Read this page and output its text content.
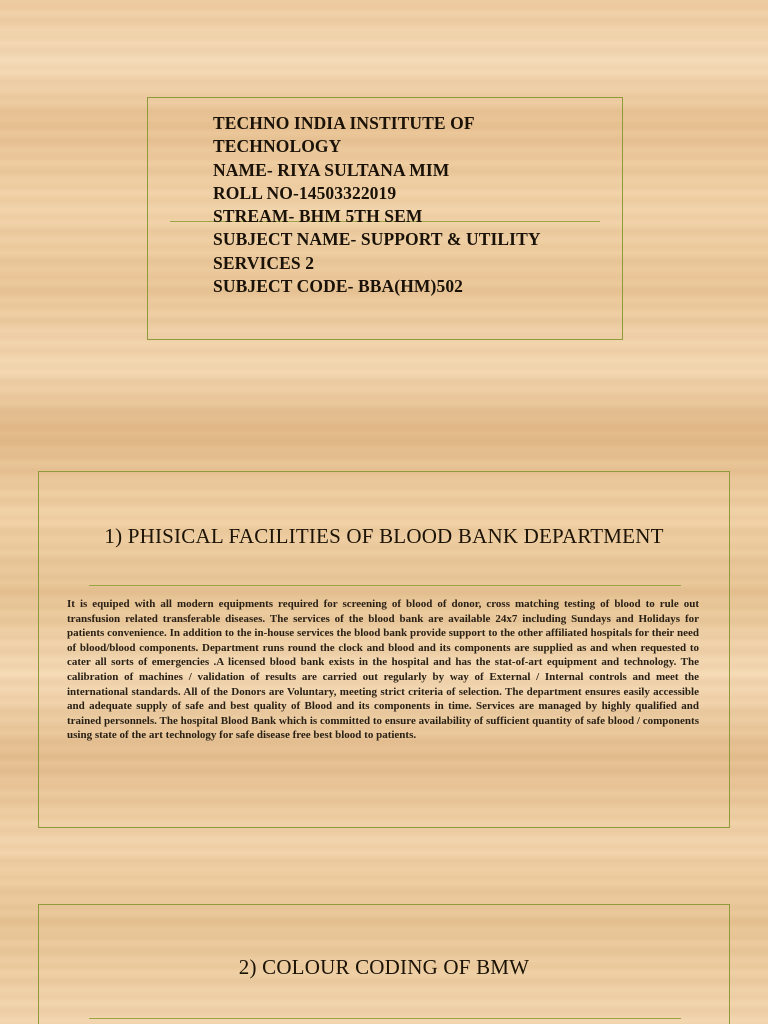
TECHNO INDIA INSTITUTE OF
TECHNOLOGY
NAME- RIYA SULTANA MIM
ROLL NO-14503322019
STREAM- BHM 5TH SEM
SUBJECT NAME- SUPPORT & UTILITY
SERVICES 2
SUBJECT CODE- BBA(HM)502
1) PHISICAL FACILITIES OF BLOOD BANK DEPARTMENT

It is equiped with all modern equipments required for screening of blood of donor, cross matching testing of blood to rule out transfusion related transferable diseases. The services of the blood bank are available 24x7 including Sundays and Holidays for patients convenience. In addition to the in-house services the blood bank provide support to the other affiliated hospitals for their need of blood/blood components. Department runs round the clock and blood and its components are supplied as and when requested to cater all sorts of emergencies .A licensed blood bank exists in the hospital and has the stat-of-art equipment and technology. The calibration of machines / validation of results are carried out regularly by way of External / Internal controls and meet the international standards. All of the Donors are Voluntary, meeting strict criteria of selection. The department ensures easily accessible and adequate supply of safe and best quality of Blood and its components in time. Services are managed by highly qualified and trained personnels. The hospital Blood Bank which is committed to ensure availability of sufficient quantity of safe blood / components using state of the art technology for safe disease free best blood to patients.

2) COLOUR CODING OF BMW
